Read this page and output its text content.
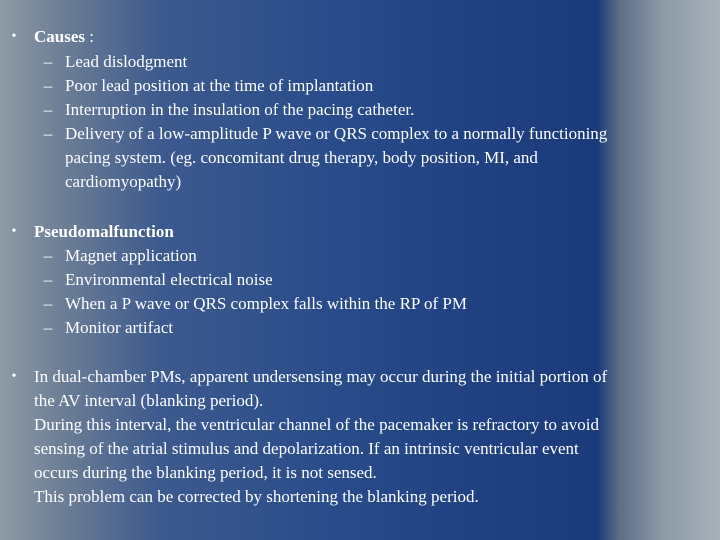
•	Causes :
– Lead dislodgment
– Poor lead position at the time of implantation
– Interruption in the insulation of the pacing catheter.
– Delivery of a low-amplitude P wave or QRS complex to a normally functioning
pacing system. (eg. concomitant drug therapy, body position, MI, and
cardiomyopathy)
•	Pseudomalfunction
– Magnet application
– Environmental electrical noise
– When a P wave or QRS complex falls within the RP of PM
– Monitor artifact
•	In dual-chamber PMs, apparent undersensing may occur during the initial portion of
the AV interval (blanking period).
During this interval, the ventricular channel of the pacemaker is refractory to avoid
sensing of the atrial stimulus and depolarization. If an intrinsic ventricular event
occurs during the blanking period, it is not sensed.
This problem can be corrected by shortening the blanking period.
